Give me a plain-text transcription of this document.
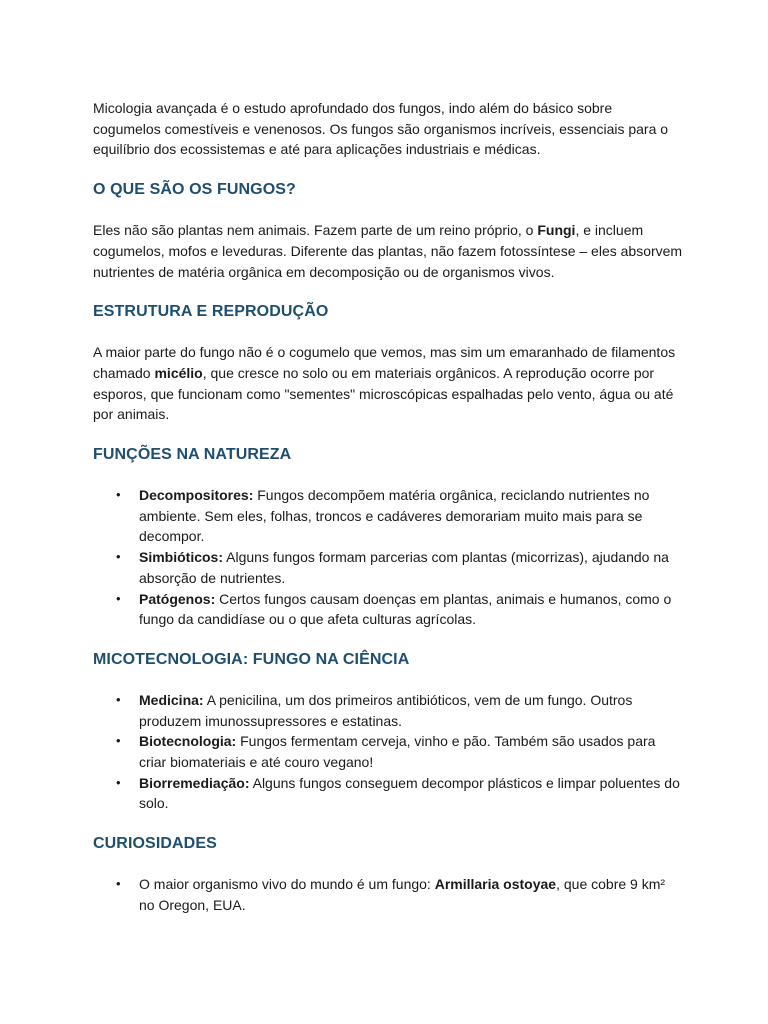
Micologia avançada é o estudo aprofundado dos fungos, indo além do básico sobre cogumelos comestíveis e venenosos. Os fungos são organismos incríveis, essenciais para o equilíbrio dos ecossistemas e até para aplicações industriais e médicas.

O QUE SÃO OS FUNGOS?

Eles não são plantas nem animais. Fazem parte de um reino próprio, o Fungi, e incluem cogumelos, mofos e leveduras. Diferente das plantas, não fazem fotossíntese – eles absorvem nutrientes de matéria orgânica em decomposição ou de organismos vivos.

ESTRUTURA E REPRODUÇÃO

A maior parte do fungo não é o cogumelo que vemos, mas sim um emaranhado de filamentos chamado micélio, que cresce no solo ou em materiais orgânicos. A reprodução ocorre por esporos, que funcionam como "sementes" microscópicas espalhadas pelo vento, água ou até por animais.

FUNÇÕES NA NATUREZA
• Decompositores: Fungos decompõem matéria orgânica, reciclando nutrientes no ambiente. Sem eles, folhas, troncos e cadáveres demorariam muito mais para se decompor.
• Simbióticos: Alguns fungos formam parcerias com plantas (micorrizas), ajudando na absorção de nutrientes.
• Patógenos: Certos fungos causam doenças em plantas, animais e humanos, como o fungo da candidíase ou o que afeta culturas agrícolas.
MICOTECNOLOGIA: FUNGO NA CIÊNCIA
• Medicina: A penicilina, um dos primeiros antibióticos, vem de um fungo. Outros produzem imunossupressores e estatinas.
• Biotecnologia: Fungos fermentam cerveja, vinho e pão. Também são usados para criar biomateriais e até couro vegano!
• Biorremediação: Alguns fungos conseguem decompor plásticos e limpar poluentes do solo.
CURIOSIDADES
• O maior organismo vivo do mundo é um fungo: Armillaria ostoyae, que cobre 9 km² no Oregon, EUA.
